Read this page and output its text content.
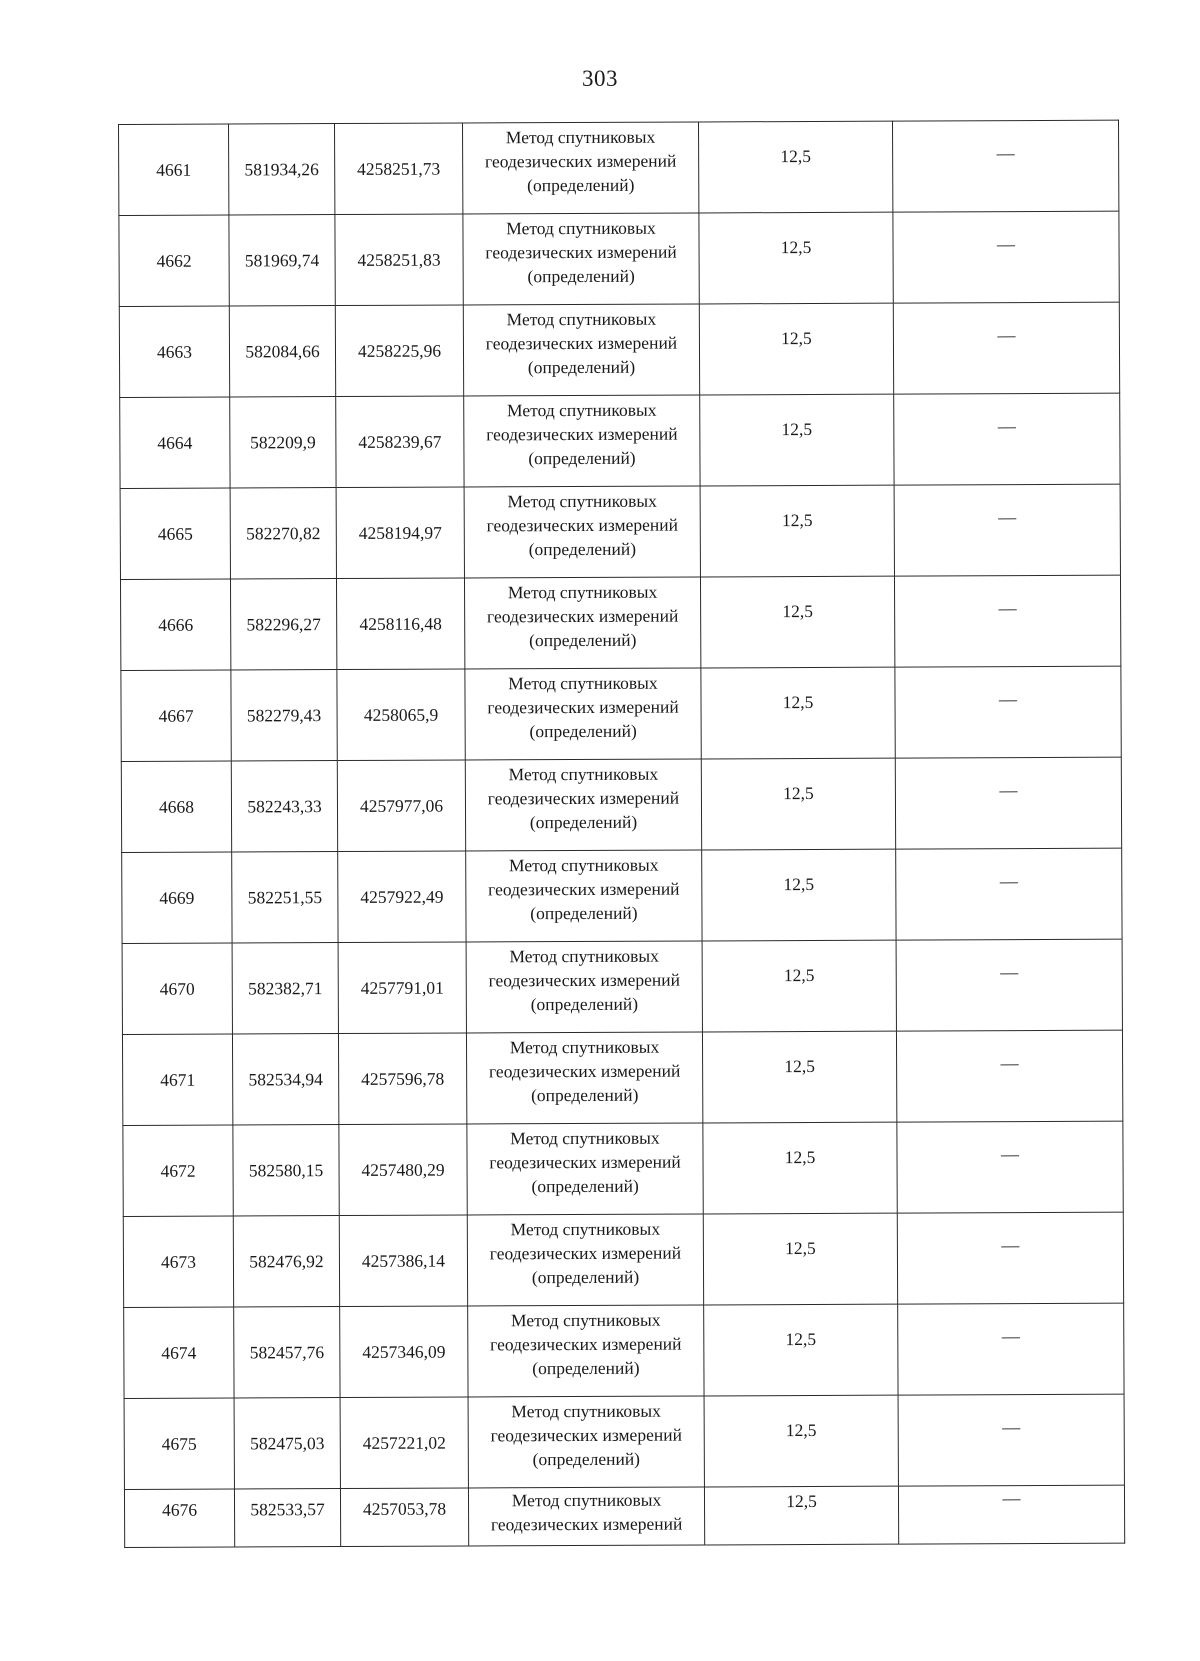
303
4661	581934,26	4258251,73	Метод спутниковых
геодезических измерений
(определений)	12,5	—
4662	581969,74	4258251,83	Метод спутниковых
геодезических измерений
(определений)	12,5	—
4663	582084,66	4258225,96	Метод спутниковых
геодезических измерений
(определений)	12,5	—
4664	582209,9	4258239,67	Метод спутниковых
геодезических измерений
(определений)	12,5	—
4665	582270,82	4258194,97	Метод спутниковых
геодезических измерений
(определений)	12,5	—
4666	582296,27	4258116,48	Метод спутниковых
геодезических измерений
(определений)	12,5	—
4667	582279,43	4258065,9	Метод спутниковых
геодезических измерений
(определений)	12,5	—
4668	582243,33	4257977,06	Метод спутниковых
геодезических измерений
(определений)	12,5	—
4669	582251,55	4257922,49	Метод спутниковых
геодезических измерений
(определений)	12,5	—
4670	582382,71	4257791,01	Метод спутниковых
геодезических измерений
(определений)	12,5	—
4671	582534,94	4257596,78	Метод спутниковых
геодезических измерений
(определений)	12,5	—
4672	582580,15	4257480,29	Метод спутниковых
геодезических измерений
(определений)	12,5	—
4673	582476,92	4257386,14	Метод спутниковых
геодезических измерений
(определений)	12,5	—
4674	582457,76	4257346,09	Метод спутниковых
геодезических измерений
(определений)	12,5	—
4675	582475,03	4257221,02	Метод спутниковых
геодезических измерений
(определений)	12,5	—
4676	582533,57	4257053,78	Метод спутниковых
геодезических измерений	12,5	—
